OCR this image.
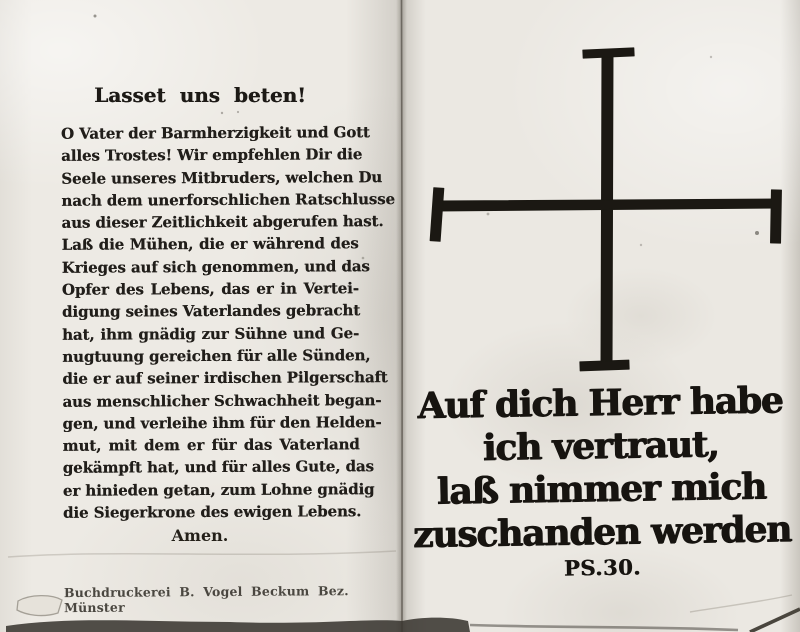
Lasset uns beten!
O Vater der Barmherzigkeit und Gott
alles Trostes! Wir empfehlen Dir die
Seele unseres Mitbruders, welchen Du
nach dem unerforschlichen Ratschlusse
aus dieser Zeitlichkeit abgerufen hast.
Laß die Mühen, die er während des
Krieges auf sich genommen, und das
Opfer des Lebens, das er in Vertei-
digung seines Vaterlandes gebracht
hat, ihm gnädig zur Sühne und Ge-
nugtuung gereichen für alle Sünden,
die er auf seiner irdischen Pilgerschaft
aus menschlicher Schwachheit began-
gen, und verleihe ihm für den Helden-
mut, mit dem er für das Vaterland
gekämpft hat, und für alles Gute, das
er hinieden getan, zum Lohne gnädig
die Siegerkrone des ewigen Lebens.
Amen.
Buchdruckerei B. Vogel Beckum Bez. Münster
Auf dich Herr habe
ich vertraut,
laß nimmer mich
zuschanden werden
PS.30.
